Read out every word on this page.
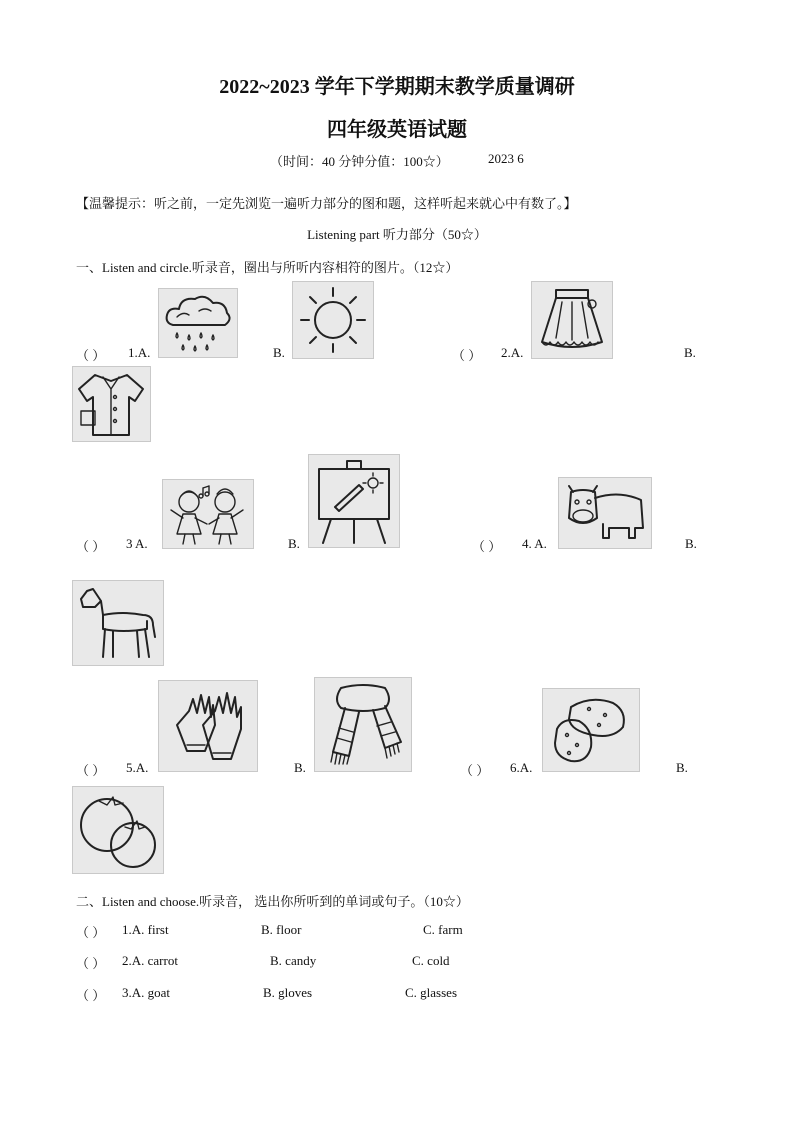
2022~2023 学年下学期期末教学质量调研
四年级英语试题
（时间：40 分钟分值：100☆）	2023 6
【温馨提示：听之前，一定先浏览一遍听力部分的图和题，这样听起来就心中有数了。】
Listening part 听力部分（50☆）
一、Listen and circle.听录音，圈出与所听内容相符的图片。（12☆）
（ ） 1.A.	B.	（ ） 2.A.	B.
（ ） 3 A.	B.	（ ） 4. A.	B.
（ ） 5.A.	B.	（ ） 6.A.	B.
二、Listen and choose.听录音， 选出你所听到的单词或句子。（10☆）
（ ） 1.A. first	B. floor	C. farm
（ ） 2.A. carrot	B. candy	C. cold
（ ） 3.A. goat	B. gloves	C. glasses
